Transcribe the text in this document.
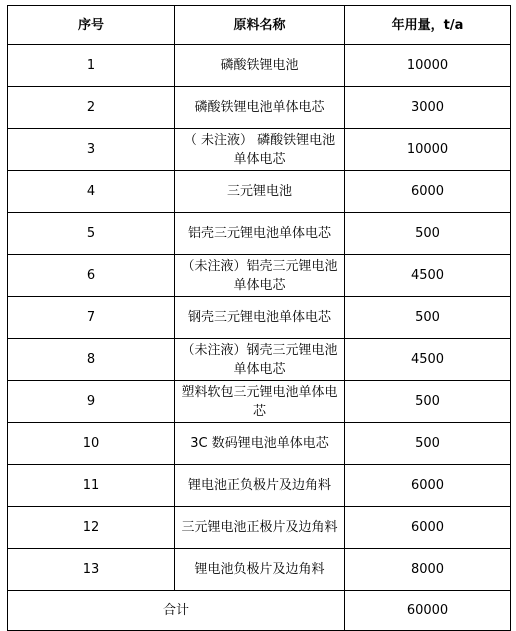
序号	原料名称	年用量，t/a
1	磷酸铁锂电池	10000
2	磷酸铁锂电池单体电芯	3000
3	（ 未注液） 磷酸铁锂电池单体电芯	10000
4	三元锂电池	6000
5	铝壳三元锂电池单体电芯	500
6	（未注液）铝壳三元锂电池单体电芯	4500
7	钢壳三元锂电池单体电芯	500
8	（未注液）钢壳三元锂电池单体电芯	4500
9	塑料软包三元锂电池单体电芯	500
10	3C 数码锂电池单体电芯	500
11	锂电池正负极片及边角料	6000
12	三元锂电池正极片及边角料	6000
13	锂电池负极片及边角料	8000
合计		60000
